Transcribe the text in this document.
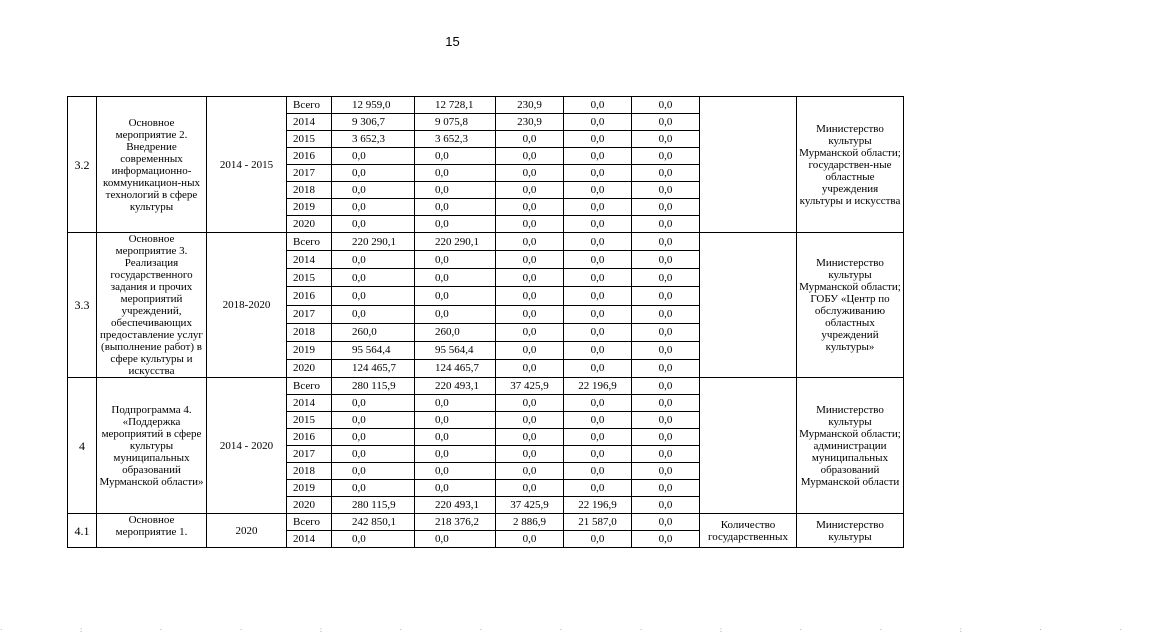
15
3.2	Основное мероприятие 2. Внедрение современных информационно-коммуникацион-ных технологий в сфере культуры	2014 - 2015	Всего	12 959,0	12 728,1	230,9	0,0	0,0		Министерство культуры Мурманской области; государствен-ные областные учреждения культуры и искусства
			2014	9 306,7	9 075,8	230,9	0,0	0,0		
			2015	3 652,3	3 652,3	0,0	0,0	0,0		
			2016	0,0	0,0	0,0	0,0	0,0		
			2017	0,0	0,0	0,0	0,0	0,0		
			2018	0,0	0,0	0,0	0,0	0,0		
			2019	0,0	0,0	0,0	0,0	0,0		
			2020	0,0	0,0	0,0	0,0	0,0		
3.3	Основное мероприятие 3. Реализация государственного задания и прочих мероприятий учреждений, обеспечивающих предоставление услуг (выполнение работ) в сфере культуры и искусства	2018-2020	Всего	220 290,1	220 290,1	0,0	0,0	0,0		Министерство культуры Мурманской области; ГОБУ «Центр по обслуживанию областных учреждений культуры»
			2014	0,0	0,0	0,0	0,0	0,0		
			2015	0,0	0,0	0,0	0,0	0,0		
			2016	0,0	0,0	0,0	0,0	0,0		
			2017	0,0	0,0	0,0	0,0	0,0		
			2018	260,0	260,0	0,0	0,0	0,0		
			2019	95 564,4	95 564,4	0,0	0,0	0,0		
			2020	124 465,7	124 465,7	0,0	0,0	0,0		
4	Подпрограмма 4. «Поддержка мероприятий в сфере культуры муниципальных образований Мурманской области»	2014 - 2020	Всего	280 115,9	220 493,1	37 425,9	22 196,9	0,0		Министерство культуры Мурманской области; администрации муниципальных образований Мурманской области
			2014	0,0	0,0	0,0	0,0	0,0		
			2015	0,0	0,0	0,0	0,0	0,0		
			2016	0,0	0,0	0,0	0,0	0,0		
			2017	0,0	0,0	0,0	0,0	0,0		
			2018	0,0	0,0	0,0	0,0	0,0		
			2019	0,0	0,0	0,0	0,0	0,0		
			2020	280 115,9	220 493,1	37 425,9	22 196,9	0,0		
4.1	Основное мероприятие 1.	2020	Всего	242 850,1	218 376,2	2 886,9	21 587,0	0,0	Количество государственных	Министерство культуры
			2014	0,0	0,0	0,0	0,0	0,0		
· : · · : · · · · : · · : · ·
